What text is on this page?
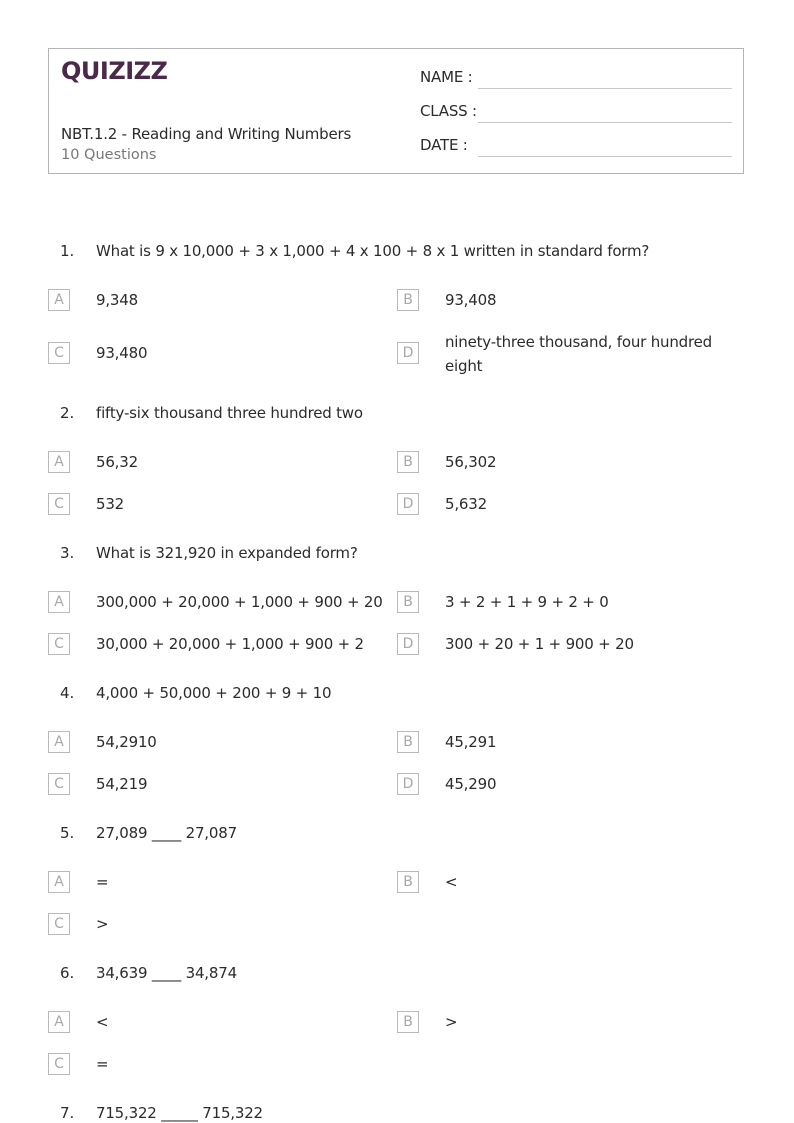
QUIZIZZ
NBT.1.2 - Reading and Writing Numbers
10 Questions
NAME :
CLASS :
DATE :
1. What is 9 x 10,000 + 3 x 1,000 + 4 x 100 + 8 x 1 written in standard form?
A	9,348	B	93,408
C	93,480	D
ninety-three thousand, four hundred eight
2. fifty-six thousand three hundred two
A	56,32	B	56,302
C	532	D	5,632
3. What is 321,920 in expanded form?
A	300,000 + 20,000 + 1,000 + 900 + 20	B	3 + 2 + 1 + 9 + 2 + 0
C	30,000 + 20,000 + 1,000 + 900 + 2	D	300 + 20 + 1 + 900 + 20
4. 4,000 + 50,000 + 200 + 9 + 10
A	54,2910	B	45,291
C	54,219	D	45,290
5. 27,089 ____ 27,087
A	=	B	<
C	>
6. 34,639 ____ 34,874
A	<	B	>
C	=
7. 715,322 _____ 715,322
